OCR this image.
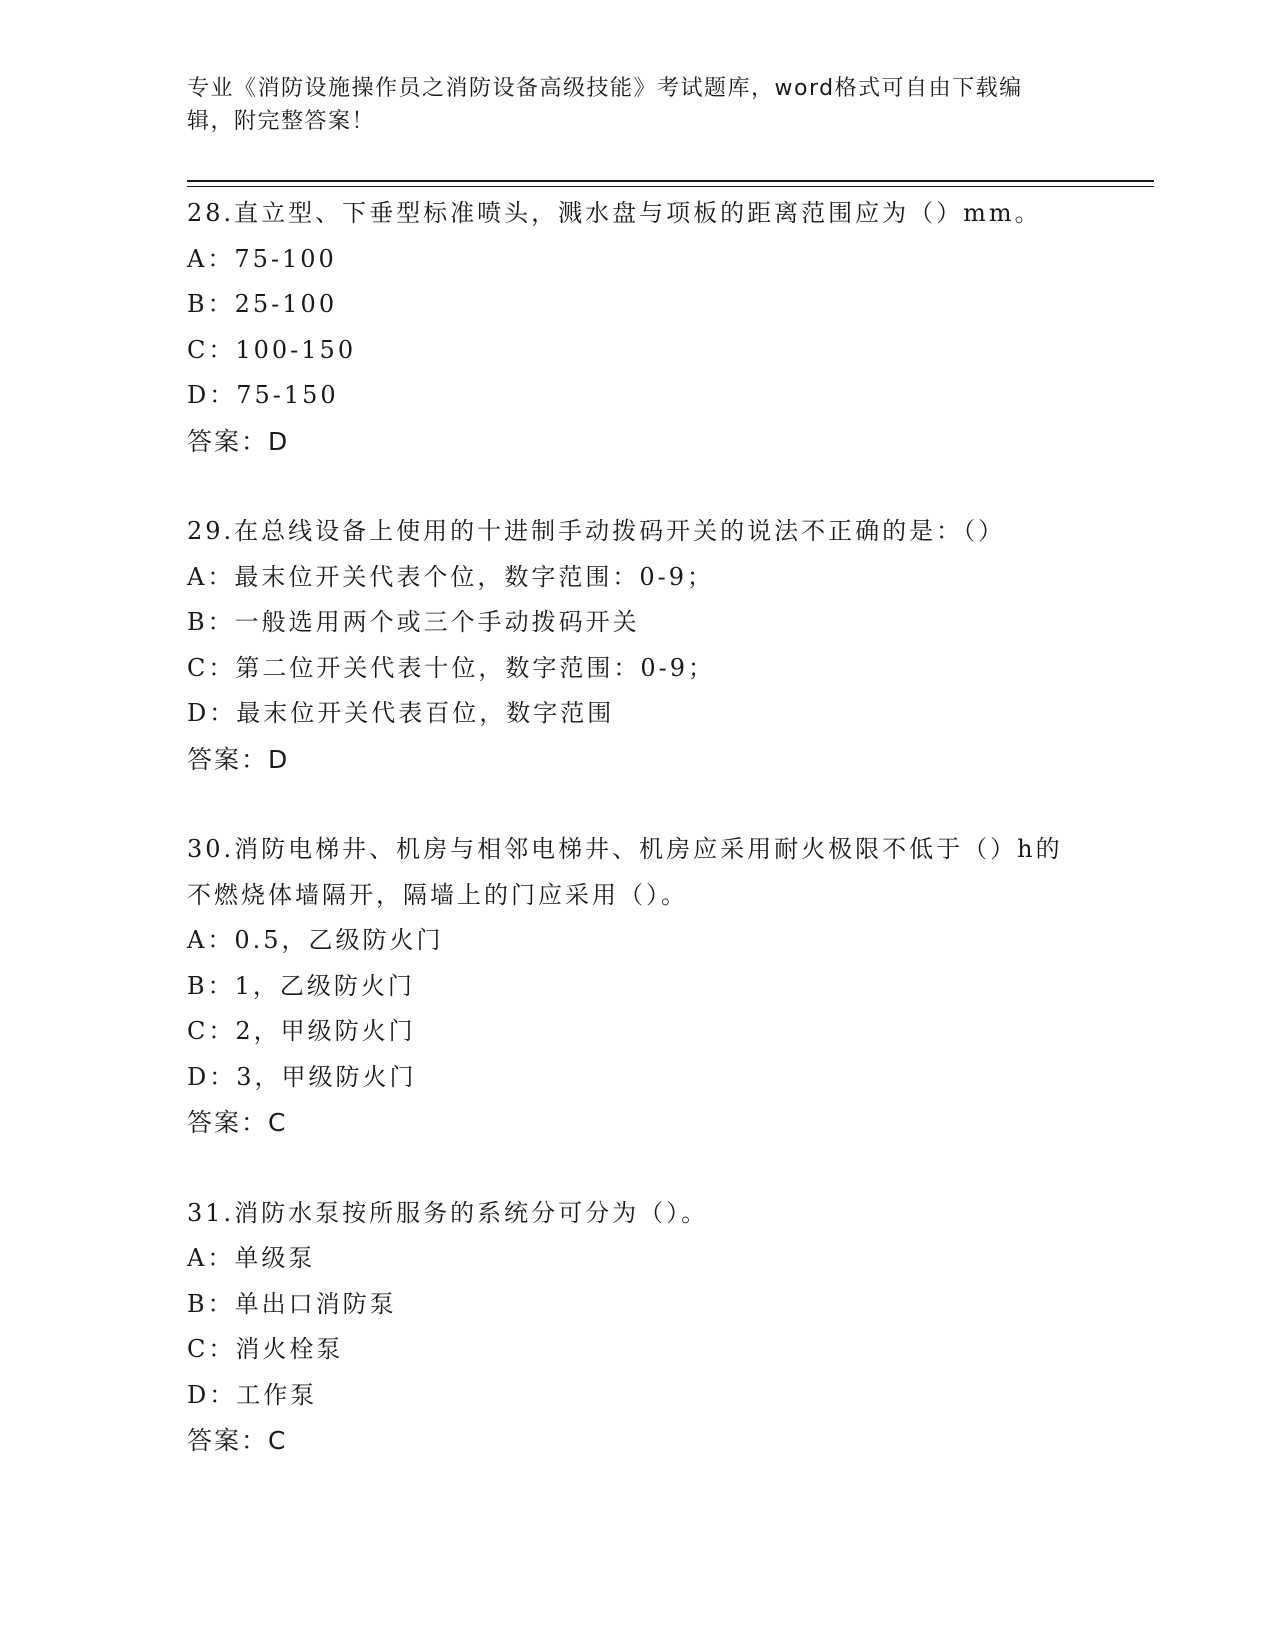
专业《消防设施操作员之消防设备高级技能》考试题库，word格式可自由下载编辑，附完整答案！
28.直立型、下垂型标准喷头，溅水盘与项板的距离范围应为（）mm。
A：75-100
B：25-100
C：100-150
D：75-150
答案：D
29.在总线设备上使用的十进制手动拨码开关的说法不正确的是：（）
A：最末位开关代表个位，数字范围：0-9；
B：一般选用两个或三个手动拨码开关
C：第二位开关代表十位，数字范围：0-9；
D：最末位开关代表百位，数字范围
答案：D
30.消防电梯井、机房与相邻电梯井、机房应采用耐火极限不低于（）h的不燃烧体墙隔开，隔墙上的门应采用（）。
A：0.5，乙级防火门
B：1，乙级防火门
C：2，甲级防火门
D：3，甲级防火门
答案：C
31.消防水泵按所服务的系统分可分为（）。
A：单级泵
B：单出口消防泵
C：消火栓泵
D：工作泵
答案：C
